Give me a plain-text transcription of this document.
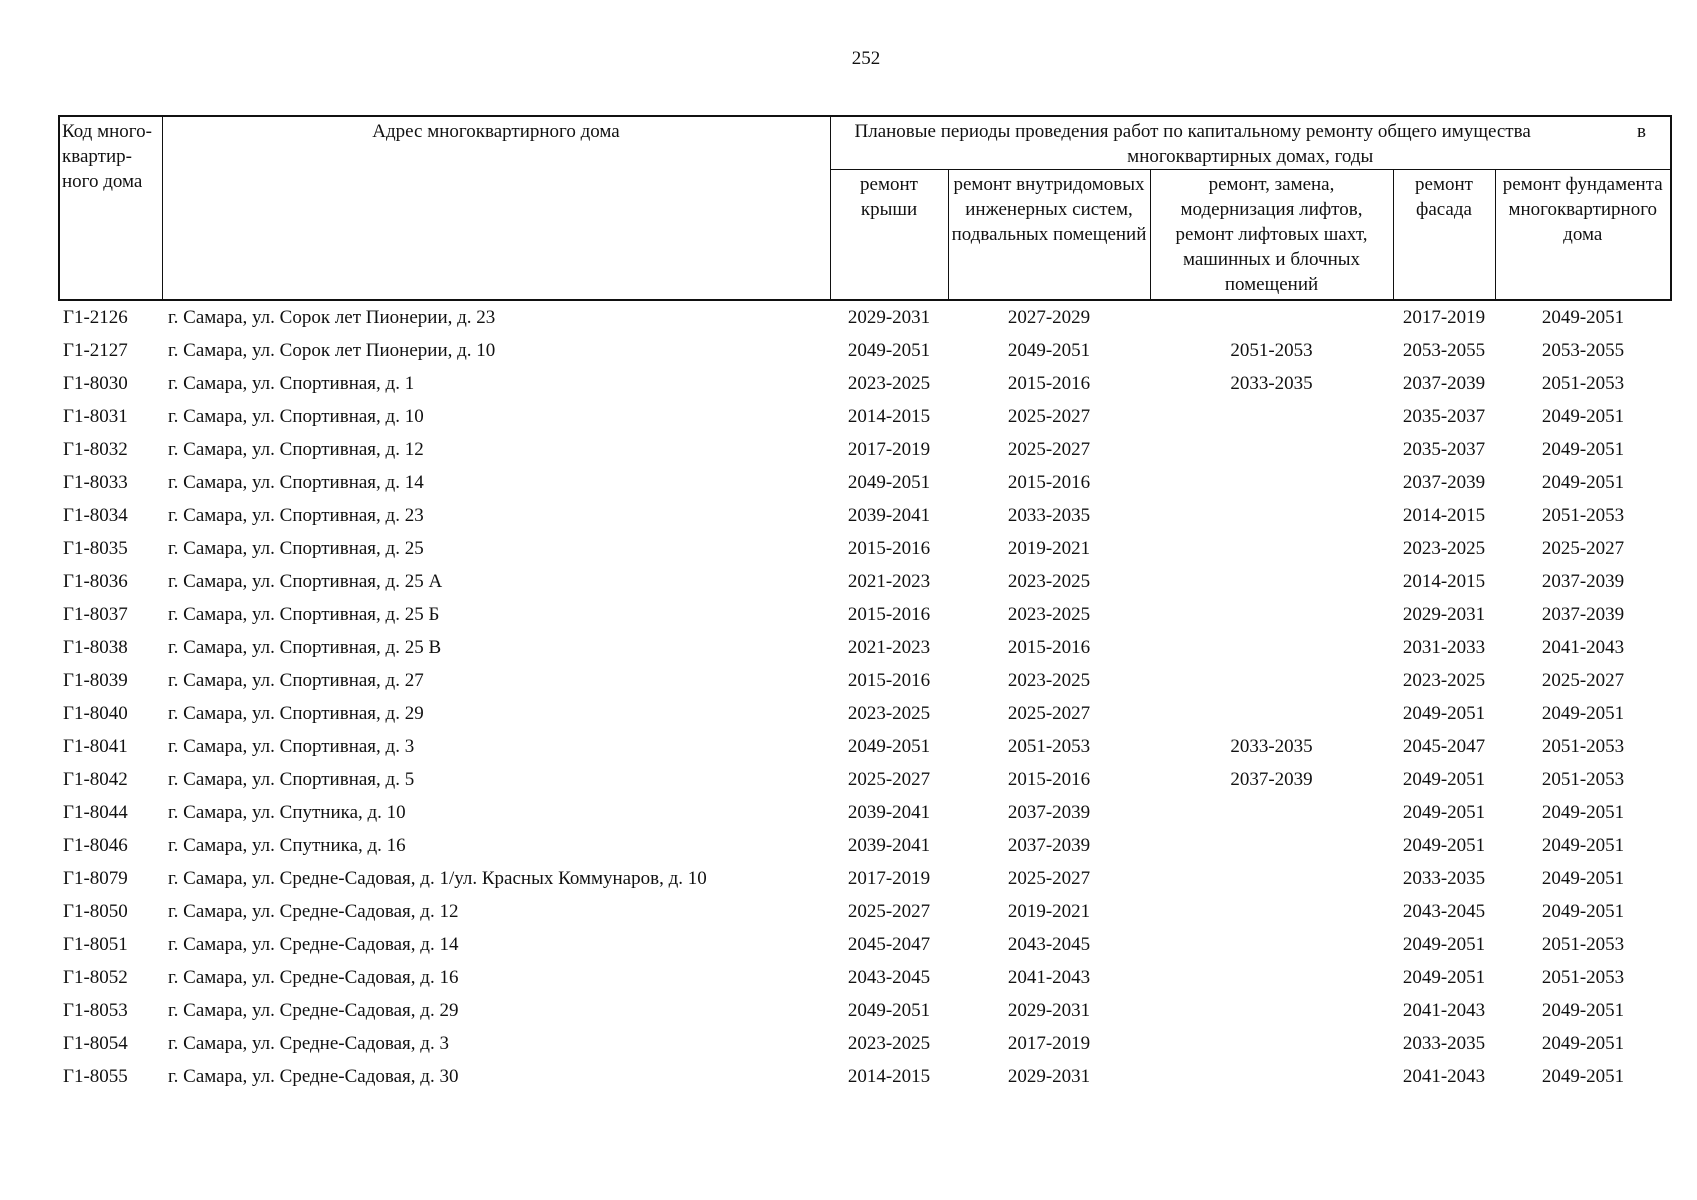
252
Код много-квартир-ного дома	Адрес многоквартирного дома	Плановые периоды проведения работ по капитальному ремонту общего имущества в
многоквартирных домах, годы				

		ремонт крыши	ремонт внутридомовых инженерных систем, подвальных помещений	ремонт, замена, модернизация лифтов, ремонт лифтовых шахт, машинных и блочных помещений	ремонт фасада	ремонт фундамента многоквартирного дома
Г1-2126	г. Самара, ул. Сорок лет Пионерии, д. 23	2029-2031	2027-2029		2017-2019	2049-2051
Г1-2127	г. Самара, ул. Сорок лет Пионерии, д. 10	2049-2051	2049-2051	2051-2053	2053-2055	2053-2055
Г1-8030	г. Самара, ул. Спортивная, д. 1	2023-2025	2015-2016	2033-2035	2037-2039	2051-2053
Г1-8031	г. Самара, ул. Спортивная, д. 10	2014-2015	2025-2027		2035-2037	2049-2051
Г1-8032	г. Самара, ул. Спортивная, д. 12	2017-2019	2025-2027		2035-2037	2049-2051
Г1-8033	г. Самара, ул. Спортивная, д. 14	2049-2051	2015-2016		2037-2039	2049-2051
Г1-8034	г. Самара, ул. Спортивная, д. 23	2039-2041	2033-2035		2014-2015	2051-2053
Г1-8035	г. Самара, ул. Спортивная, д. 25	2015-2016	2019-2021		2023-2025	2025-2027
Г1-8036	г. Самара, ул. Спортивная, д. 25 А	2021-2023	2023-2025		2014-2015	2037-2039
Г1-8037	г. Самара, ул. Спортивная, д. 25 Б	2015-2016	2023-2025		2029-2031	2037-2039
Г1-8038	г. Самара, ул. Спортивная, д. 25 В	2021-2023	2015-2016		2031-2033	2041-2043
Г1-8039	г. Самара, ул. Спортивная, д. 27	2015-2016	2023-2025		2023-2025	2025-2027
Г1-8040	г. Самара, ул. Спортивная, д. 29	2023-2025	2025-2027		2049-2051	2049-2051
Г1-8041	г. Самара, ул. Спортивная, д. 3	2049-2051	2051-2053	2033-2035	2045-2047	2051-2053
Г1-8042	г. Самара, ул. Спортивная, д. 5	2025-2027	2015-2016	2037-2039	2049-2051	2051-2053
Г1-8044	г. Самара, ул. Спутника, д. 10	2039-2041	2037-2039		2049-2051	2049-2051
Г1-8046	г. Самара, ул. Спутника, д. 16	2039-2041	2037-2039		2049-2051	2049-2051
Г1-8079	г. Самара, ул. Средне-Садовая, д. 1/ул. Красных Коммунаров, д. 10	2017-2019	2025-2027		2033-2035	2049-2051
Г1-8050	г. Самара, ул. Средне-Садовая, д. 12	2025-2027	2019-2021		2043-2045	2049-2051
Г1-8051	г. Самара, ул. Средне-Садовая, д. 14	2045-2047	2043-2045		2049-2051	2051-2053
Г1-8052	г. Самара, ул. Средне-Садовая, д. 16	2043-2045	2041-2043		2049-2051	2051-2053
Г1-8053	г. Самара, ул. Средне-Садовая, д. 29	2049-2051	2029-2031		2041-2043	2049-2051
Г1-8054	г. Самара, ул. Средне-Садовая, д. 3	2023-2025	2017-2019		2033-2035	2049-2051
Г1-8055	г. Самара, ул. Средне-Садовая, д. 30	2014-2015	2029-2031		2041-2043	2049-2051
